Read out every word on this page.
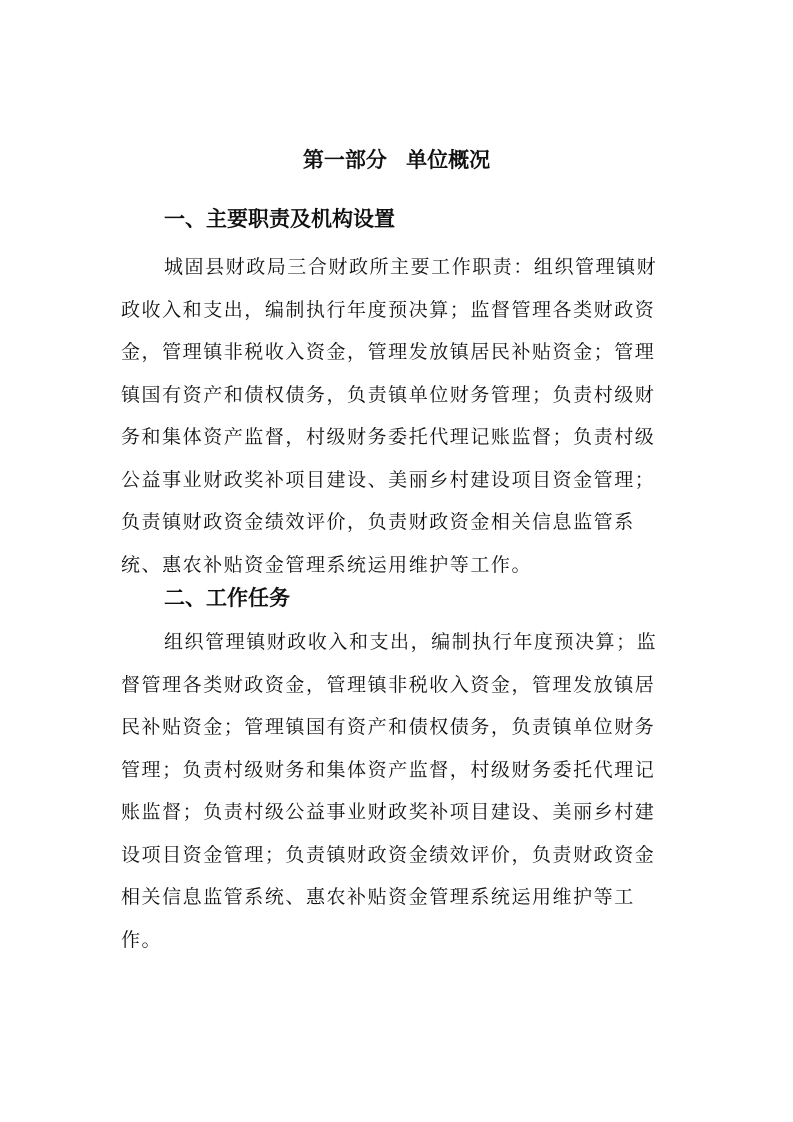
第一部分 单位概况
一、主要职责及机构设置
城固县财政局三合财政所主要工作职责：组织管理镇财
政收入和支出，编制执行年度预决算；监督管理各类财政资
金，管理镇非税收入资金，管理发放镇居民补贴资金；管理
镇国有资产和债权债务，负责镇单位财务管理；负责村级财
务和集体资产监督，村级财务委托代理记账监督；负责村级
公益事业财政奖补项目建设、美丽乡村建设项目资金管理；
负责镇财政资金绩效评价，负责财政资金相关信息监管系
统、惠农补贴资金管理系统运用维护等工作。
二、工作任务
组织管理镇财政收入和支出，编制执行年度预决算；监
督管理各类财政资金，管理镇非税收入资金，管理发放镇居
民补贴资金；管理镇国有资产和债权债务，负责镇单位财务
管理；负责村级财务和集体资产监督，村级财务委托代理记
账监督；负责村级公益事业财政奖补项目建设、美丽乡村建
设项目资金管理；负责镇财政资金绩效评价，负责财政资金
相关信息监管系统、惠农补贴资金管理系统运用维护等工
作。
